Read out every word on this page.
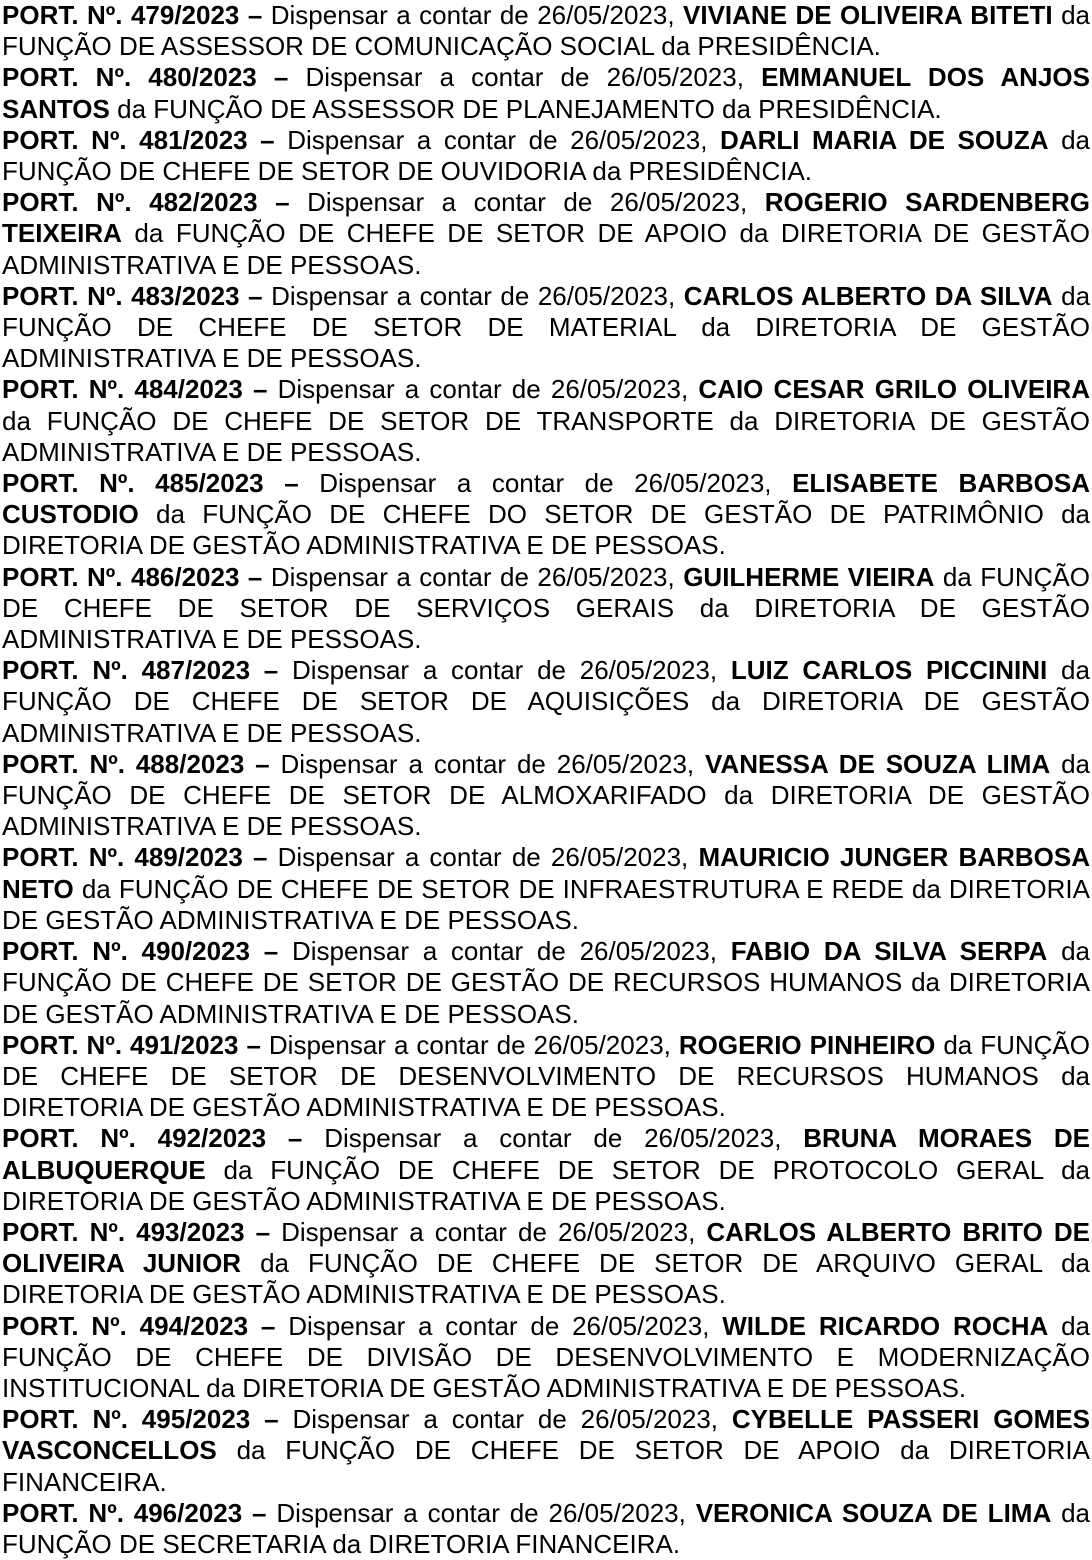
PORT. Nº. 479/2023 – Dispensar a contar de 26/05/2023, VIVIANE DE OLIVEIRA BITETI da FUNÇÃO DE ASSESSOR DE COMUNICAÇÃO SOCIAL da PRESIDÊNCIA.

PORT. Nº. 480/2023 – Dispensar a contar de 26/05/2023, EMMANUEL DOS ANJOS SANTOS da FUNÇÃO DE ASSESSOR DE PLANEJAMENTO da PRESIDÊNCIA.

PORT. Nº. 481/2023 – Dispensar a contar de 26/05/2023, DARLI MARIA DE SOUZA da FUNÇÃO DE CHEFE DE SETOR DE OUVIDORIA da PRESIDÊNCIA.

PORT. Nº. 482/2023 – Dispensar a contar de 26/05/2023, ROGERIO SARDENBERG TEIXEIRA da FUNÇÃO DE CHEFE DE SETOR DE APOIO da DIRETORIA DE GESTÃO ADMINISTRATIVA E DE PESSOAS.

PORT. Nº. 483/2023 – Dispensar a contar de 26/05/2023, CARLOS ALBERTO DA SILVA da FUNÇÃO DE CHEFE DE SETOR DE MATERIAL da DIRETORIA DE GESTÃO ADMINISTRATIVA E DE PESSOAS.

PORT. Nº. 484/2023 – Dispensar a contar de 26/05/2023, CAIO CESAR GRILO OLIVEIRA da FUNÇÃO DE CHEFE DE SETOR DE TRANSPORTE da DIRETORIA DE GESTÃO ADMINISTRATIVA E DE PESSOAS.

PORT. Nº. 485/2023 – Dispensar a contar de 26/05/2023, ELISABETE BARBOSA CUSTODIO da FUNÇÃO DE CHEFE DO SETOR DE GESTÃO DE PATRIMÔNIO da DIRETORIA DE GESTÃO ADMINISTRATIVA E DE PESSOAS.

PORT. Nº. 486/2023 – Dispensar a contar de 26/05/2023, GUILHERME VIEIRA da FUNÇÃO DE CHEFE DE SETOR DE SERVIÇOS GERAIS da DIRETORIA DE GESTÃO ADMINISTRATIVA E DE PESSOAS.

PORT. Nº. 487/2023 – Dispensar a contar de 26/05/2023, LUIZ CARLOS PICCININI da FUNÇÃO DE CHEFE DE SETOR DE AQUISIÇÕES da DIRETORIA DE GESTÃO ADMINISTRATIVA E DE PESSOAS.

PORT. Nº. 488/2023 – Dispensar a contar de 26/05/2023, VANESSA DE SOUZA LIMA da FUNÇÃO DE CHEFE DE SETOR DE ALMOXARIFADO da DIRETORIA DE GESTÃO ADMINISTRATIVA E DE PESSOAS.

PORT. Nº. 489/2023 – Dispensar a contar de 26/05/2023, MAURICIO JUNGER BARBOSA NETO da FUNÇÃO DE CHEFE DE SETOR DE INFRAESTRUTURA E REDE da DIRETORIA DE GESTÃO ADMINISTRATIVA E DE PESSOAS.

PORT. Nº. 490/2023 – Dispensar a contar de 26/05/2023, FABIO DA SILVA SERPA da FUNÇÃO DE CHEFE DE SETOR DE GESTÃO DE RECURSOS HUMANOS da DIRETORIA DE GESTÃO ADMINISTRATIVA E DE PESSOAS.

PORT. Nº. 491/2023 – Dispensar a contar de 26/05/2023, ROGERIO PINHEIRO da FUNÇÃO DE CHEFE DE SETOR DE DESENVOLVIMENTO DE RECURSOS HUMANOS da DIRETORIA DE GESTÃO ADMINISTRATIVA E DE PESSOAS.

PORT. Nº. 492/2023 – Dispensar a contar de 26/05/2023, BRUNA MORAES DE ALBUQUERQUE da FUNÇÃO DE CHEFE DE SETOR DE PROTOCOLO GERAL da DIRETORIA DE GESTÃO ADMINISTRATIVA E DE PESSOAS.

PORT. Nº. 493/2023 – Dispensar a contar de 26/05/2023, CARLOS ALBERTO BRITO DE OLIVEIRA JUNIOR da FUNÇÃO DE CHEFE DE SETOR DE ARQUIVO GERAL da DIRETORIA DE GESTÃO ADMINISTRATIVA E DE PESSOAS.

PORT. Nº. 494/2023 – Dispensar a contar de 26/05/2023, WILDE RICARDO ROCHA da FUNÇÃO DE CHEFE DE DIVISÃO DE DESENVOLVIMENTO E MODERNIZAÇÃO INSTITUCIONAL da DIRETORIA DE GESTÃO ADMINISTRATIVA E DE PESSOAS.

PORT. Nº. 495/2023 – Dispensar a contar de 26/05/2023, CYBELLE PASSERI GOMES VASCONCELLOS da FUNÇÃO DE CHEFE DE SETOR DE APOIO da DIRETORIA FINANCEIRA.

PORT. Nº. 496/2023 – Dispensar a contar de 26/05/2023, VERONICA SOUZA DE LIMA da FUNÇÃO DE SECRETARIA da DIRETORIA FINANCEIRA.
